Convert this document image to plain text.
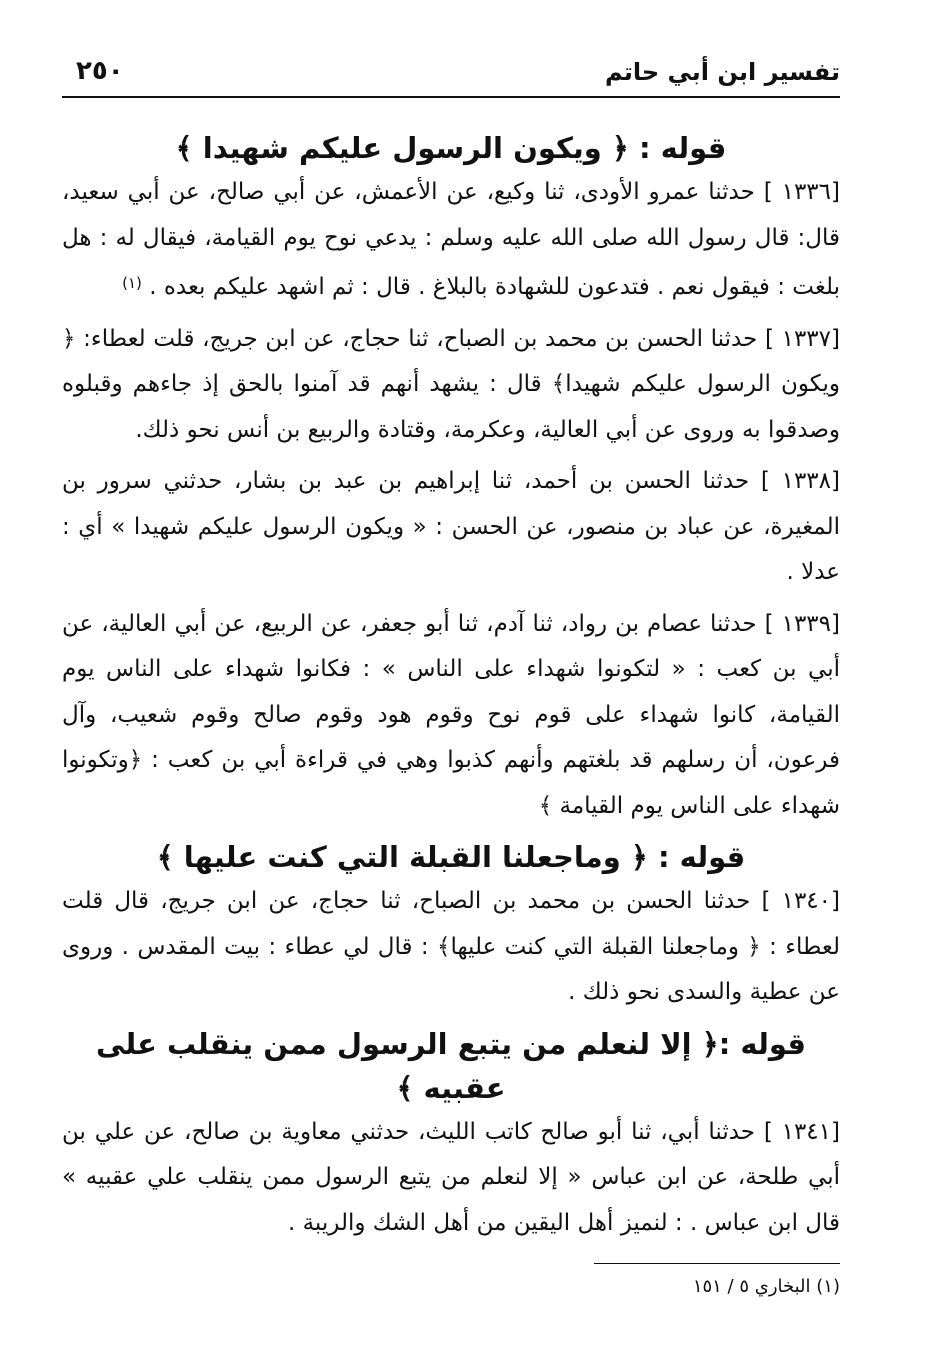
تفسير ابن أبي حاتم
٢٥٠
قوله : ﴿ ويكون الرسول عليكم شهيدا ﴾

[١٣٣٦ ] حدثنا عمرو الأودى، ثنا وكيع، عن الأعمش، عن أبي صالح، عن أبي سعيد، قال: قال رسول الله صلى الله عليه وسلم : يدعي نوح يوم القيامة، فيقال له : هل بلغت : فيقول نعم . فتدعون للشهادة بالبلاغ . قال : ثم اشهد عليكم بعده . $^{(١)}$

[١٣٣٧ ] حدثنا الحسن بن محمد بن الصباح، ثنا حجاج، عن ابن جريج، قلت لعطاء: ﴿ ويكون الرسول عليكم شهيدا﴾ قال : يشهد أنهم قد آمنوا بالحق إذ جاءهم وقبلوه وصدقوا به وروى عن أبي العالية، وعكرمة، وقتادة والربيع بن أنس نحو ذلك.

[١٣٣٨ ] حدثنا الحسن بن أحمد، ثنا إبراهيم بن عبد بن بشار، حدثني سرور بن المغيرة، عن عباد بن منصور، عن الحسن : « ويكون الرسول عليكم شهيدا » أي : عدلا .

[١٣٣٩ ] حدثنا عصام بن رواد، ثنا آدم، ثنا أبو جعفر، عن الربيع، عن أبي العالية، عن أبي بن كعب : « لتكونوا شهداء على الناس » : فكانوا شهداء على الناس يوم القيامة، كانوا شهداء على قوم نوح وقوم هود وقوم صالح وقوم شعيب، وآل فرعون، أن رسلهم قد بلغتهم وأنهم كذبوا وهي في قراءة أبي بن كعب : ﴿وتكونوا شهداء على الناس يوم القيامة ﴾

قوله : ﴿ وماجعلنا القبلة التي كنت عليها ﴾

[١٣٤٠ ] حدثنا الحسن بن محمد بن الصباح، ثنا حجاج، عن ابن جريج، قال قلت لعطاء : ﴿ وماجعلنا القبلة التي كنت عليها﴾ : قال لي عطاء : بيت المقدس . وروى عن عطية والسدى نحو ذلك .

قوله :﴿ إلا لنعلم من يتبع الرسول ممن ينقلب على عقبيه ﴾

[١٣٤١ ] حدثنا أبي، ثنا أبو صالح كاتب الليث، حدثني معاوية بن صالح، عن علي بن أبي طلحة، عن ابن عباس « إلا لنعلم من يتبع الرسول ممن ينقلب علي عقبيه » قال ابن عباس . : لنميز أهل اليقين من أهل الشك والريبة .

(١) البخاري ٥ / ١٥١
